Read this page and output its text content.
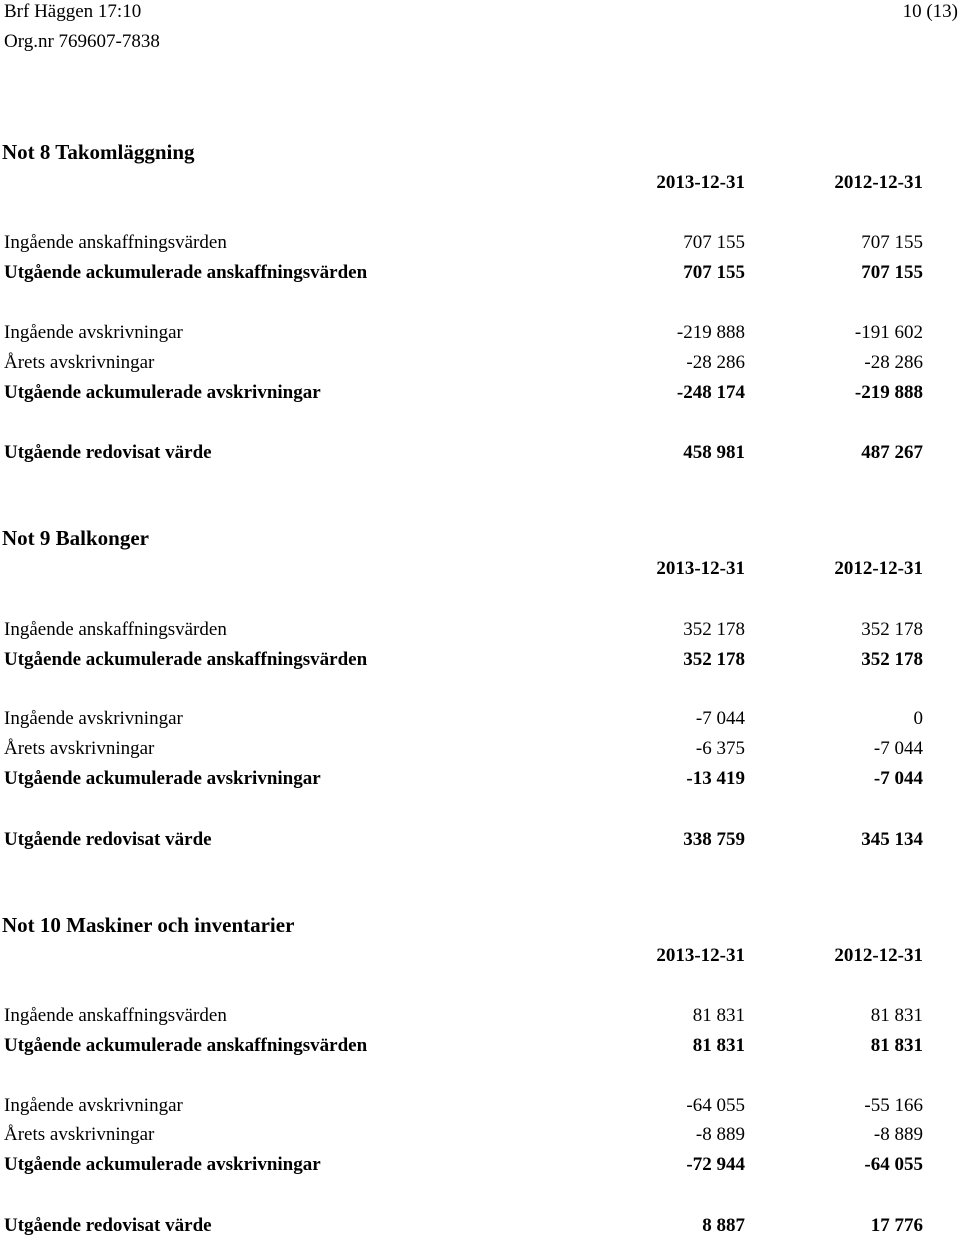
Brf Häggen 17:10
Org.nr 769607-7838
10 (13)
Not 8 Takomläggning
2013-12-31	2012-12-31
Ingående anskaffningsvärden	707 155	707 155
Utgående ackumulerade anskaffningsvärden	707 155	707 155
Ingående avskrivningar	-219 888	-191 602
Årets avskrivningar	-28 286	-28 286
Utgående ackumulerade avskrivningar	-248 174	-219 888
Utgående redovisat värde	458 981	487 267
Not 9 Balkonger
2013-12-31	2012-12-31
Ingående anskaffningsvärden	352 178	352 178
Utgående ackumulerade anskaffningsvärden	352 178	352 178
Ingående avskrivningar	-7 044	0
Årets avskrivningar	-6 375	-7 044
Utgående ackumulerade avskrivningar	-13 419	-7 044
Utgående redovisat värde	338 759	345 134
Not 10 Maskiner och inventarier
2013-12-31	2012-12-31
Ingående anskaffningsvärden	81 831	81 831
Utgående ackumulerade anskaffningsvärden	81 831	81 831
Ingående avskrivningar	-64 055	-55 166
Årets avskrivningar	-8 889	-8 889
Utgående ackumulerade avskrivningar	-72 944	-64 055
Utgående redovisat värde	8 887	17 776
